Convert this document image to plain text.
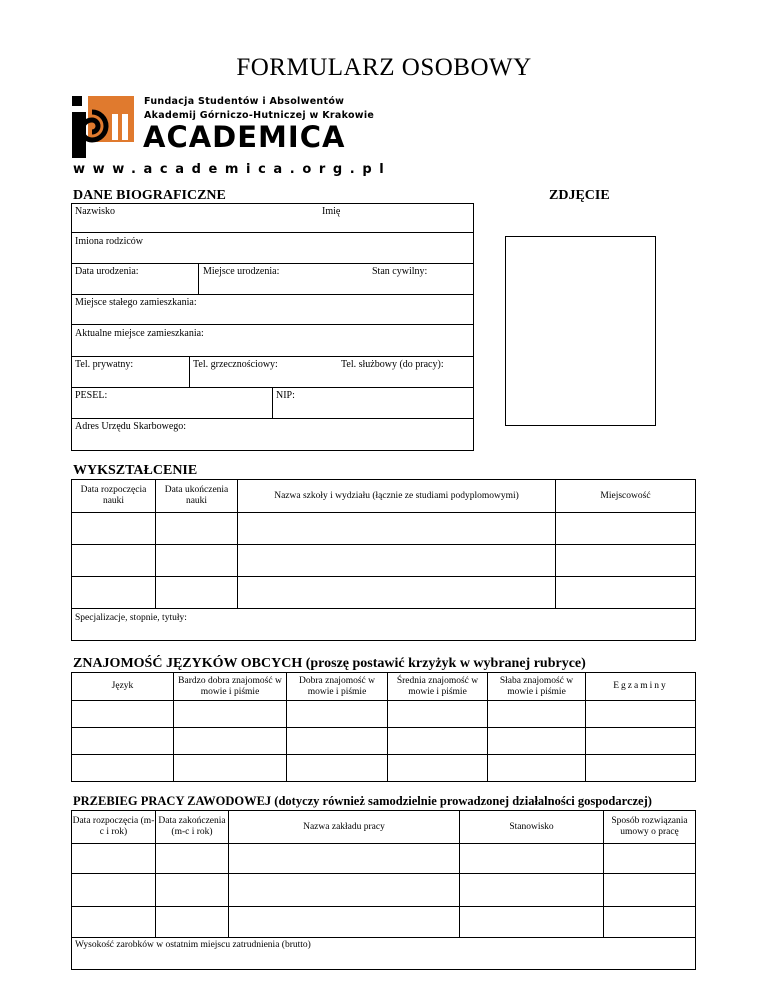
FORMULARZ OSOBOWY
Fundacja Studentów i Absolwentów
Akademij Górniczo-Hutniczej w Krakowie
ACADEMICA
www.academica.org.pl
DANE BIOGRAFICZNE	ZDJĘCIE
Nazwisko	Imię
Imiona rodziców
Data urodzenia:	Miejsce urodzenia:	Stan cywilny:
Miejsce stałego zamieszkania:
Aktualne miejsce zamieszkania:
Tel. prywatny:	Tel. grzecznościowy:	Tel. służbowy (do pracy):
PESEL:	NIP:
Adres Urzędu Skarbowego:
WYKSZTAŁCENIE
Data rozpoczęcia nauki	Data ukończenia nauki	Nazwa szkoły i wydziału (łącznie ze studiami podyplomowymi)	Miejscowość

Specjalizacje, stopnie, tytuły:			
ZNAJOMOŚĆ JĘZYKÓW OBCYCH (proszę postawić krzyżyk w wybranej rubryce)
Język	Bardzo dobra znajomość w mowie i piśmie	Dobra znajomość w mowie i piśmie	Średnia znajomość w mowie i piśmie	Słaba znajomość w mowie i piśmie	Egzaminy

PRZEBIEG PRACY ZAWODOWEJ (dotyczy również samodzielnie prowadzonej działalności gospodarczej)
Data rozpoczęcia (m-c i rok)	Data zakończenia (m-c i rok)	Nazwa zakładu pracy	Stanowisko	Sposób rozwiązania umowy o pracę

Wysokość zarobków w ostatnim miejscu zatrudnienia (brutto)				
